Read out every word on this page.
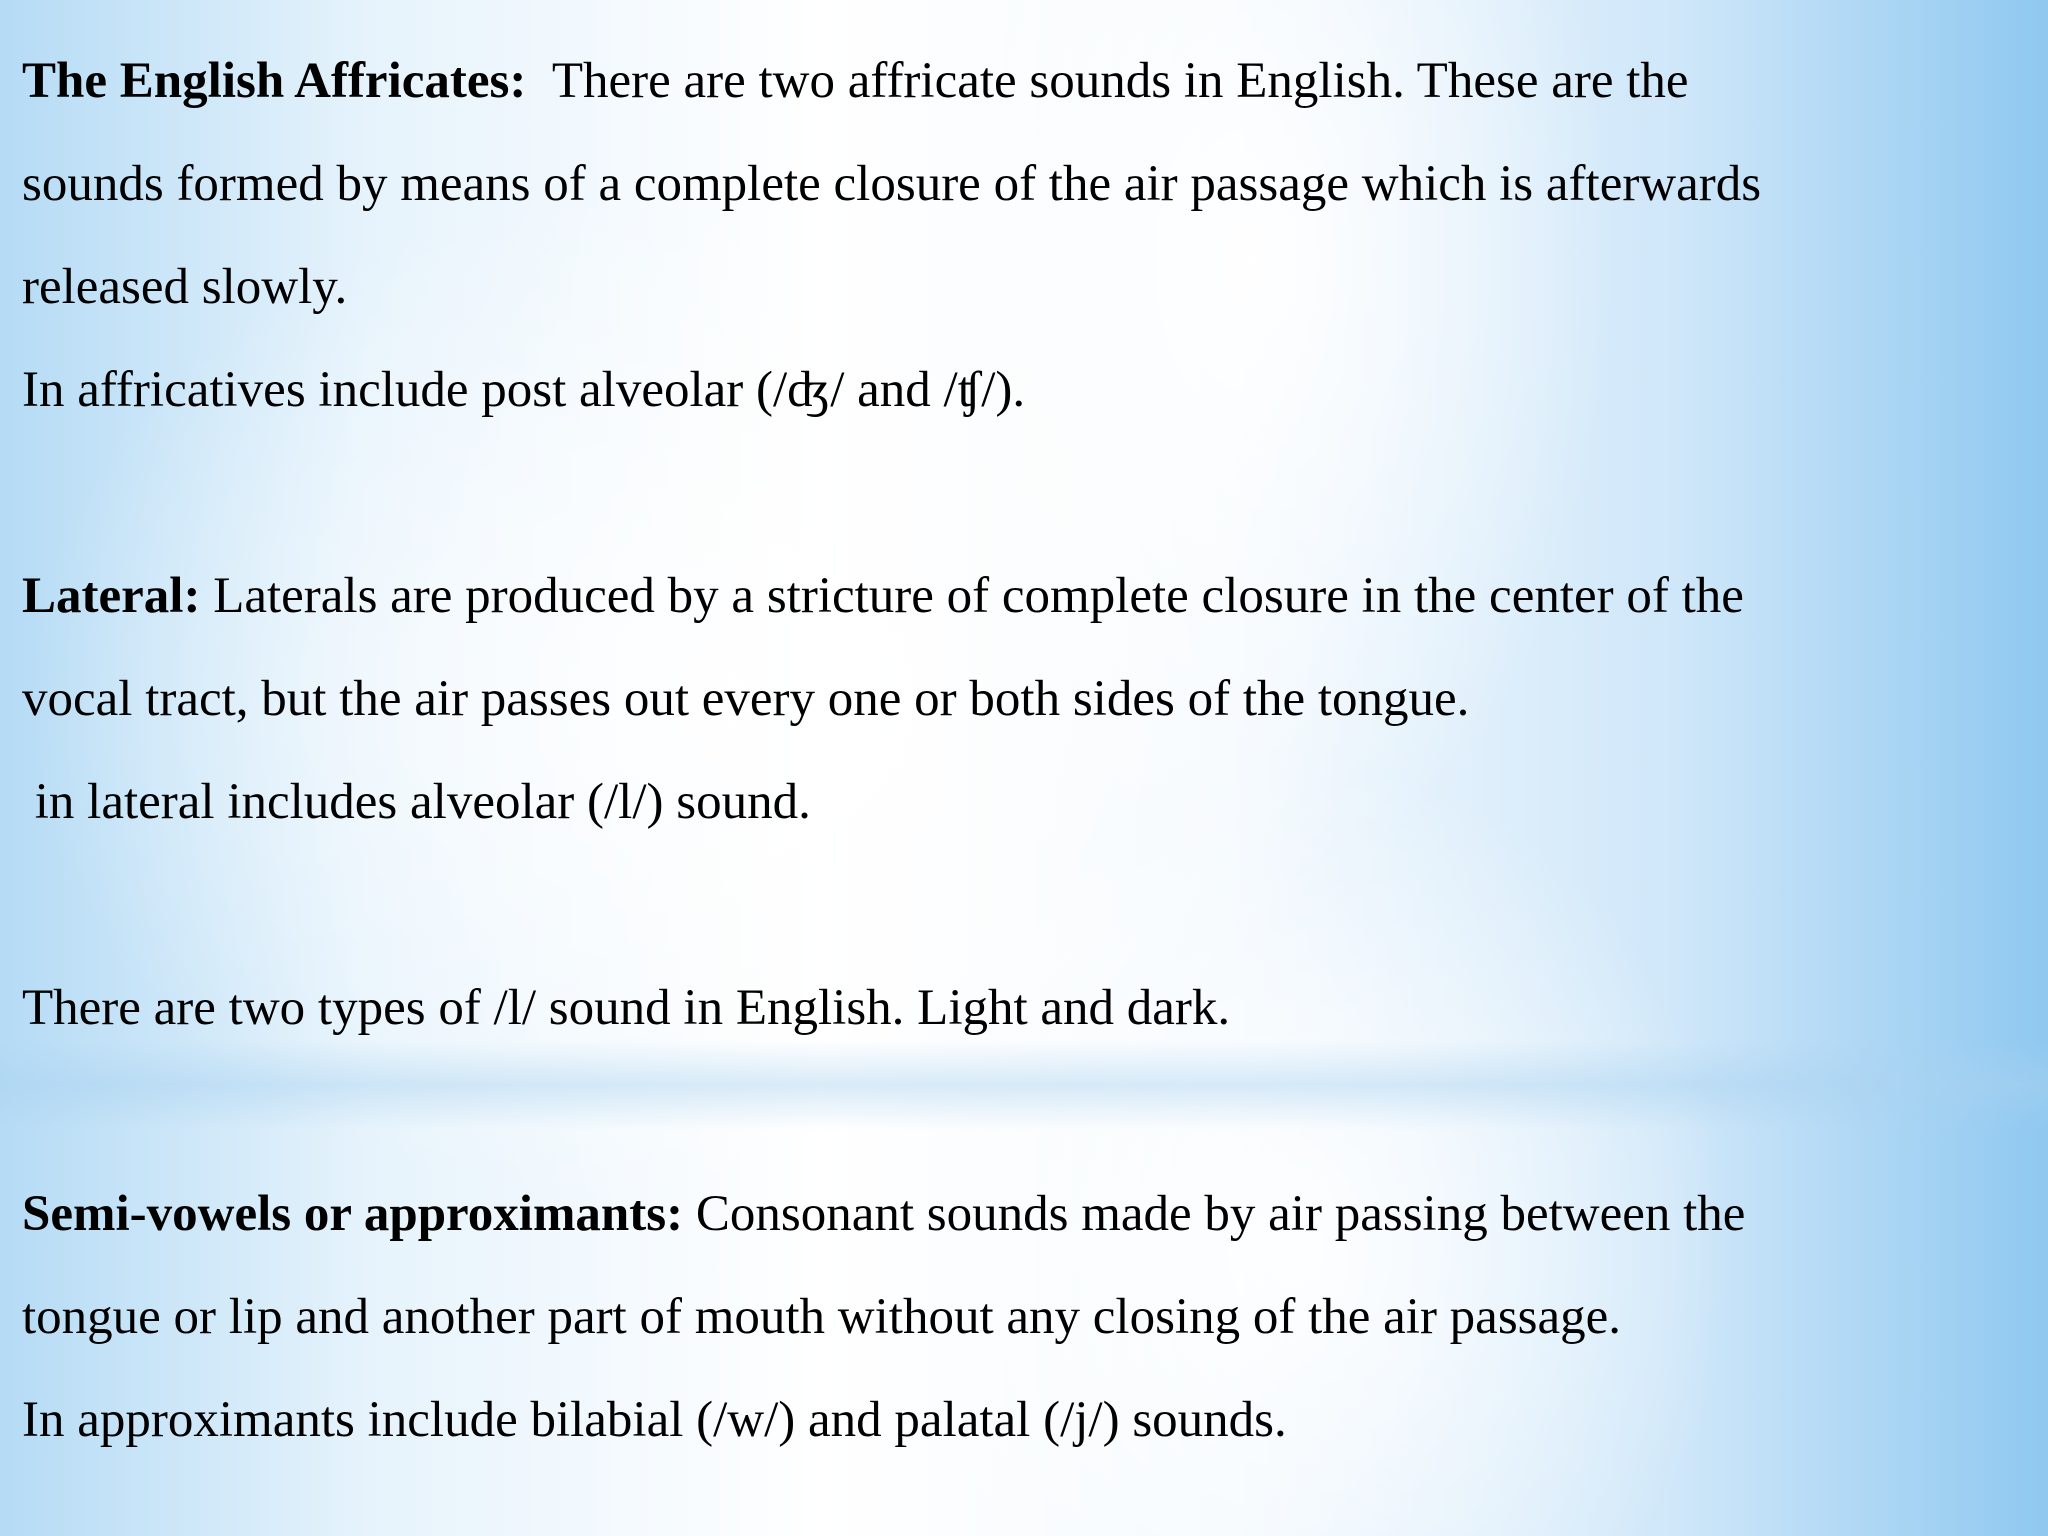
The English Affricates: There are two affricate sounds in English. These are the

sounds formed by means of a complete closure of the air passage which is afterwards

released slowly.

In affricatives include post alveolar (/ʤ/ and /ʧ/).

Lateral: Laterals are produced by a stricture of complete closure in the center of the

vocal tract, but the air passes out every one or both sides of the tongue.

in lateral includes alveolar (/l/) sound.

There are two types of /l/ sound in English. Light and dark.

Semi-vowels or approximants: Consonant sounds made by air passing between the

tongue or lip and another part of mouth without any closing of the air passage.

In approximants include bilabial (/w/) and palatal (/j/) sounds.
